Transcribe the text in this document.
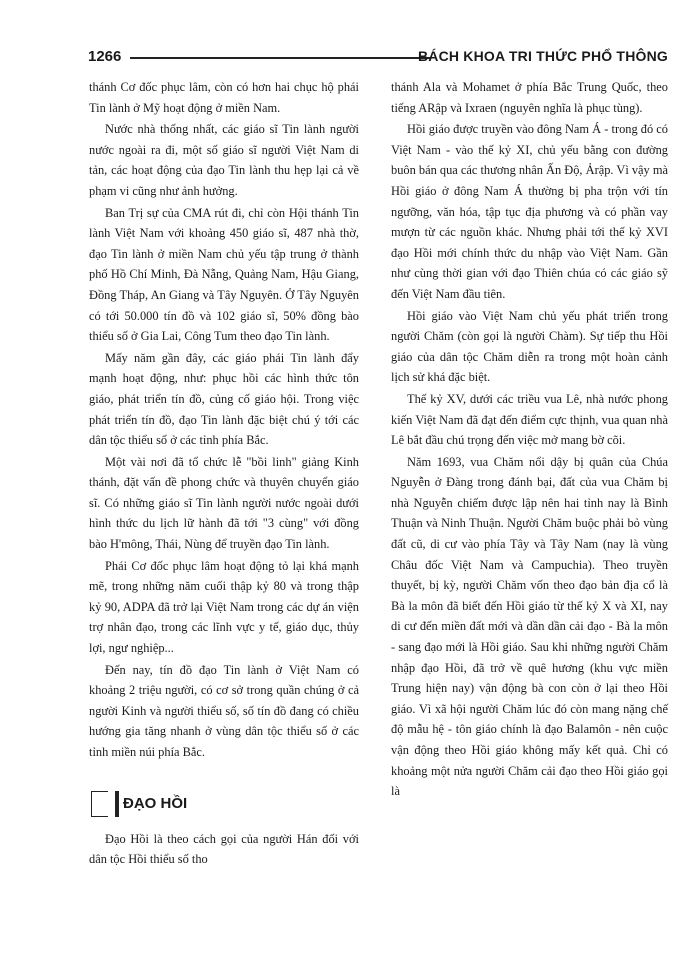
1266	BÁCH KHOA TRI THỨC PHỔ THÔNG

thánh Cơ đốc phục lâm, còn có hơn hai chục hộ phái Tin lành ở Mỹ hoạt động ở miền Nam.

Nước nhà thống nhất, các giáo sĩ Tin lành người nước ngoài ra đi, một số giáo sĩ người Việt Nam di tản, các hoạt động của đạo Tin lành thu hẹp lại cả về phạm vi cũng như ảnh hưởng.

Ban Trị sự của CMA rút đi, chỉ còn Hội thánh Tin lành Việt Nam với khoảng 450 giáo sĩ, 487 nhà thờ, đạo Tin lành ở miền Nam chủ yếu tập trung ở thành phố Hồ Chí Minh, Đà Nẵng, Quảng Nam, Hậu Giang, Đồng Tháp, An Giang và Tây Nguyên. Ở Tây Nguyên có tới 50.000 tín đồ và 102 giáo sĩ, 50% đồng bào thiểu số ở Gia Lai, Công Tum theo đạo Tin lành.

Mấy năm gần đây, các giáo phái Tin lành đẩy mạnh hoạt động, như: phục hồi các hình thức tôn giáo, phát triển tín đồ, củng cố giáo hội. Trong việc phát triển tín đồ, đạo Tin lành đặc biệt chú ý tới các dân tộc thiểu số ở các tỉnh phía Bắc.

Một vài nơi đã tổ chức lễ "bồi linh" giảng Kinh thánh, đặt vấn đề phong chức và thuyên chuyển giáo sĩ. Có những giáo sĩ Tin lành người nước ngoài dưới hình thức du lịch lữ hành đã tới "3 cùng" với đồng bào H'mông, Thái, Nùng để truyền đạo Tin lành.

Phái Cơ đốc phục lâm hoạt động tỏ lại khá mạnh mẽ, trong những năm cuối thập kỷ 80 và trong thập kỷ 90, ADPA đã trở lại Việt Nam trong các dự án viện trợ nhân đạo, trong các lĩnh vực y tế, giáo dục, thủy lợi, ngư nghiệp...

Đến nay, tín đồ đạo Tin lành ở Việt Nam có khoảng 2 triệu người, có cơ sở trong quần chúng ở cả người Kinh và người thiểu số, số tín đồ đang có chiều hướng gia tăng nhanh ở vùng dân tộc thiểu số ở các tỉnh miền núi phía Bắc.

ĐẠO HỒI

Đạo Hồi là theo cách gọi của người Hán đối với dân tộc Hồi thiểu số tho

thánh Ala và Mohamet ở phía Bắc Trung Quốc, theo tiếng ARập và Ixraen (nguyên nghĩa là phục tùng).

Hồi giáo được truyền vào đông Nam Á - trong đó có Việt Nam - vào thế kỷ XI, chủ yếu bằng con đường buôn bán qua các thương nhân Ấn Độ, Ảrập. Vì vậy mà Hồi giáo ở đông Nam Á thường bị pha trộn với tín ngưỡng, văn hóa, tập tục địa phương và có phần vay mượn từ các nguồn khác. Nhưng phải tới thế kỷ XVI đạo Hồi mới chính thức du nhập vào Việt Nam. Gần như cùng thời gian với đạo Thiên chúa có các giáo sỹ đến Việt Nam đầu tiên.

Hồi giáo vào Việt Nam chủ yếu phát triển trong người Chăm (còn gọi là người Chàm). Sự tiếp thu Hồi giáo của dân tộc Chăm diễn ra trong một hoàn cảnh lịch sử khá đặc biệt.

Thế kỷ XV, dưới các triều vua Lê, nhà nước phong kiến Việt Nam đã đạt đến điểm cực thịnh, vua quan nhà Lê bắt đầu chú trọng đến việc mở mang bờ cõi.

Năm 1693, vua Chăm nổi dậy bị quân của Chúa Nguyễn ở Đàng trong đánh bại, đất của vua Chăm bị nhà Nguyễn chiếm được lập nên hai tỉnh nay là Bình Thuận và Ninh Thuận. Người Chăm buộc phải bỏ vùng đất cũ, di cư vào phía Tây và Tây Nam (nay là vùng Châu đốc Việt Nam và Campuchia). Theo truyền thuyết, bị kỳ, người Chăm vốn theo đạo bản địa cổ là Bà la môn đã biết đến Hồi giáo từ thế kỷ X và XI, nay di cư đến miền đất mới và dần dần cải đạo - Bà la môn - sang đạo mới là Hồi giáo. Sau khi những người Chăm nhập đạo Hồi, đã trở về quê hương (khu vực miền Trung hiện nay) vận động bà con còn ở lại theo Hồi giáo. Vì xã hội người Chăm lúc đó còn mang nặng chế độ mẫu hệ - tôn giáo chính là đạo Balamôn - nên cuộc vận động theo Hồi giáo không mấy kết quả. Chỉ có khoảng một nửa người Chăm cải đạo theo Hồi giáo gọi là
